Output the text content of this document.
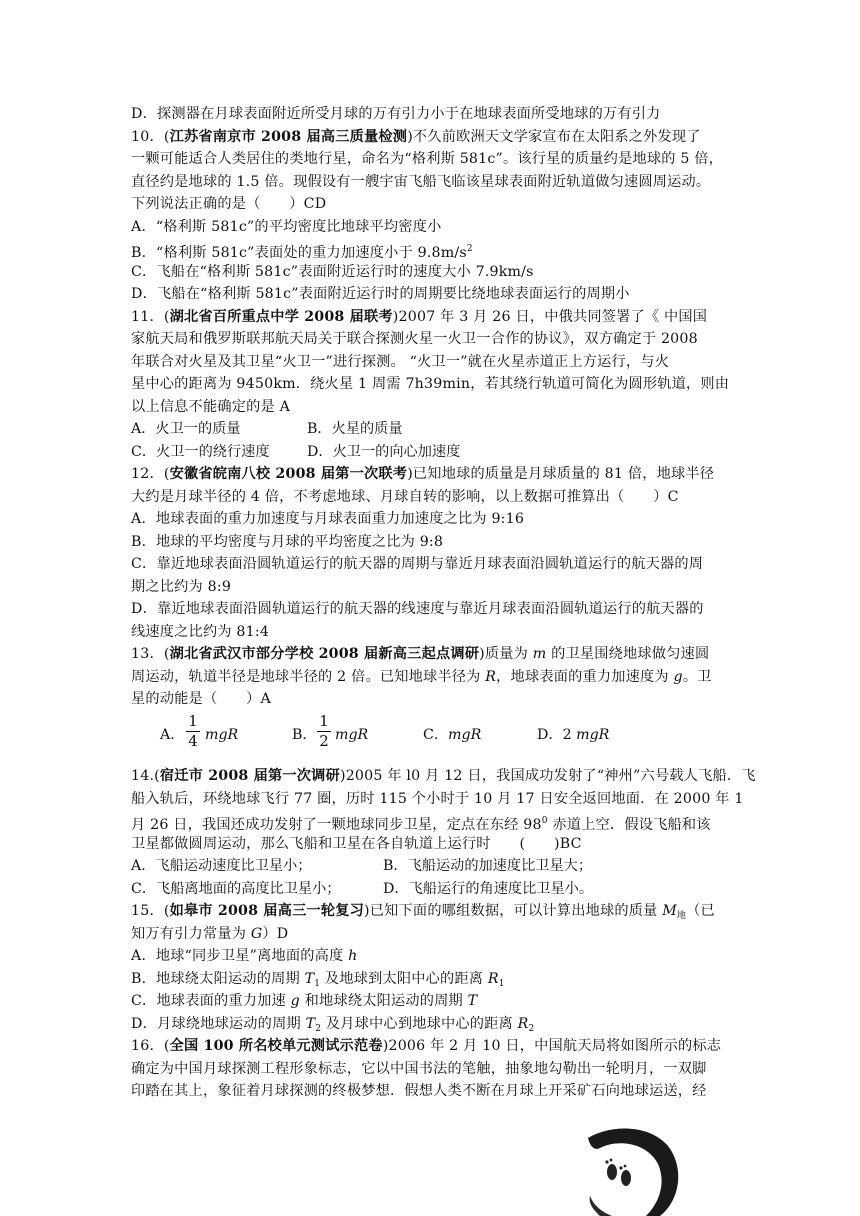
D．探测器在月球表面附近所受月球的万有引力小于在地球表面所受地球的万有引力
10．(江苏省南京市 2008 届高三质量检测)不久前欧洲天文学家宣布在太阳系之外发现了
一颗可能适合人类居住的类地行星，命名为“格利斯 581c”。该行星的质量约是地球的 5 倍，
直径约是地球的 1.5 倍。现假设有一艘宇宙飞船飞临该星球表面附近轨道做匀速圆周运动。
下列说法正确的是（　　）CD
A．“格利斯 581c”的平均密度比地球平均密度小
B．“格利斯 581c”表面处的重力加速度小于 $9.8m/s^2$
C．飞船在“格利斯 581c”表面附近运行时的速度大小 7.9km/s
D．飞船在“格利斯 581c”表面附近运行时的周期要比绕地球表面运行的周期小
11．(湖北省百所重点中学 2008 届联考)2007 年 3 月 26 日，中俄共同签署了《 中国国
家航天局和俄罗斯联邦航天局关于联合探测火星一火卫一合作的协议》，双方确定于 2008
年联合对火星及其卫星“火卫一”进行探测。 “火卫一”就在火星赤道正上方运行，与火
星中心的距离为 9450km．绕火星 1 周需 7h39min，若其绕行轨道可简化为圆形轨道，则由
以上信息不能确定的是 A
A．火卫一的质量	B．火星的质量
C．火卫一的绕行速度	D．火卫一的向心加速度
12．(安徽省皖南八校 2008 届第一次联考)已知地球的质量是月球质量的 81 倍，地球半径
大约是月球半径的 4 倍，不考虑地球、月球自转的影响，以上数据可推算出（　　）C
A．地球表面的重力加速度与月球表面重力加速度之比为 9:16
B．地球的平均密度与月球的平均密度之比为 9:8
C．靠近地球表面沿圆轨道运行的航天器的周期与靠近月球表面沿圆轨道运行的航天器的周
期之比约为 8:9
D．靠近地球表面沿圆轨道运行的航天器的线速度与靠近月球表面沿圆轨道运行的航天器的
线速度之比约为 81:4
13．(湖北省武汉市部分学校 2008 届新高三起点调研)质量为 m 的卫星围绕地球做匀速圆
周运动，轨道半径是地球半径的 2 倍。已知地球半径为 R，地球表面的重力加速度为 g。卫
星的动能是（　　）A
A．
1
4 mgR	B．
1
2 mgR	C．mgR	D．2 mgR
14.(宿迁市 2008 届第一次调研)2005 年 l0 月 12 日，我国成功发射了“神州”六号载人飞船．飞
船入轨后，环绕地球飞行 77 圈，历时 115 个小时于 10 月 17 日安全返回地面．在 2000 年 1
月 26 日，我国还成功发射了一颗地球同步卫星，定点在东经 $98^0$ 赤道上空．假设飞船和该
卫星都做圆周运动，那么飞船和卫星在各自轨道上运行时　　(　　)BC
A．飞船运动速度比卫星小；	B．飞船运动的加速度比卫星大；
C．飞船离地面的高度比卫星小；	D．飞船运行的角速度比卫星小。
15．(如皋市 2008 届高三一轮复习)已知下面的哪组数据，可以计算出地球的质量 $M_地$（已
知万有引力常量为 G）D
A．地球“同步卫星”离地面的高度 h
B．地球绕太阳运动的周期 $T_1$ 及地球到太阳中心的距离 $R_1$
C．地球表面的重力加速 g 和地球绕太阳运动的周期 T
D．月球绕地球运动的周期 $T_2$ 及月球中心到地球中心的距离 $R_2$
16．(全国 100 所名校单元测试示范卷)2006 年 2 月 10 日，中国航天局将如图所示的标志
确定为中国月球探测工程形象标志，它以中国书法的笔触，抽象地勾勒出一轮明月，一双脚
印踏在其上，象征着月球探测的终极梦想．假想人类不断在月球上开采矿石向地球运送，经
